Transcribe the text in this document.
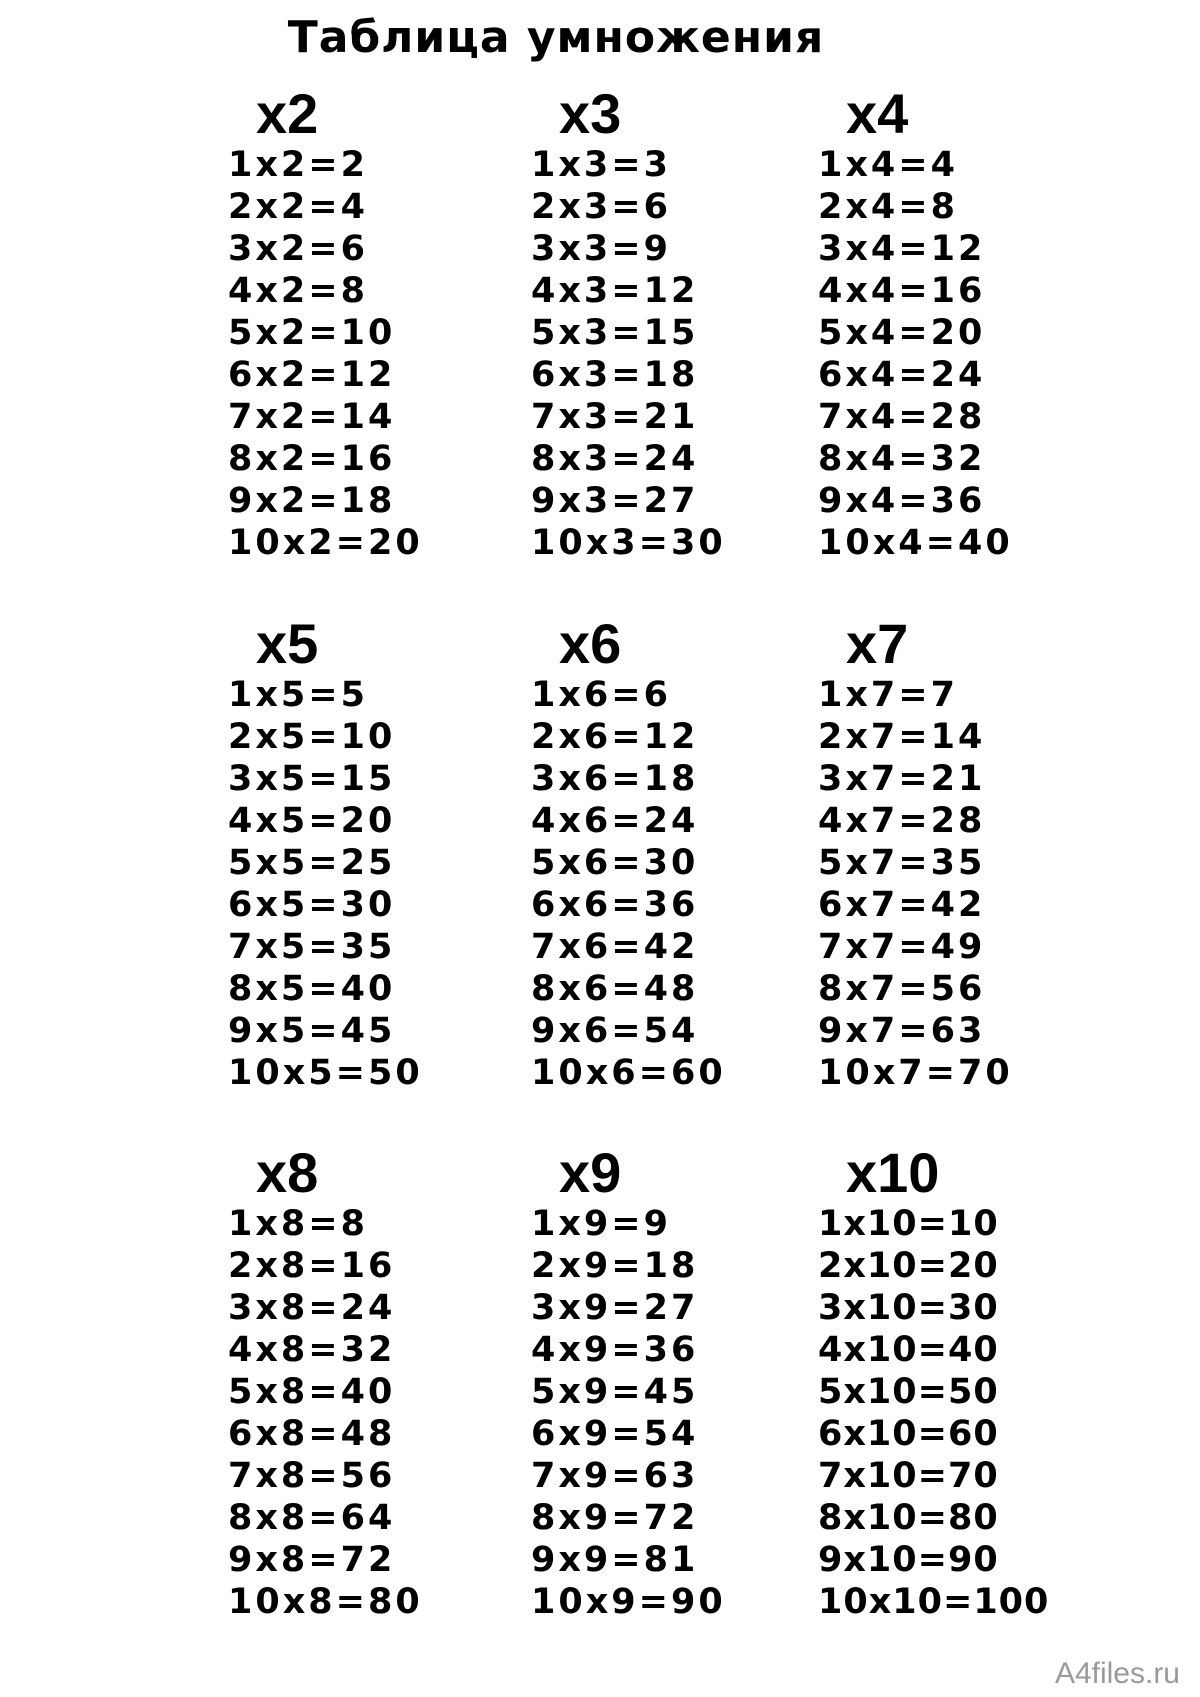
Таблица умножения
x2
1x2=2
2x2=4
3x2=6
4x2=8
5x2=10
6x2=12
7x2=14
8x2=16
9x2=18
10x2=20
x3
1x3=3
2x3=6
3x3=9
4x3=12
5x3=15
6x3=18
7x3=21
8x3=24
9x3=27
10x3=30
x4
1x4=4
2x4=8
3x4=12
4x4=16
5x4=20
6x4=24
7x4=28
8x4=32
9x4=36
10x4=40
x5
1x5=5
2x5=10
3x5=15
4x5=20
5x5=25
6x5=30
7x5=35
8x5=40
9x5=45
10x5=50
x6
1x6=6
2x6=12
3x6=18
4x6=24
5x6=30
6x6=36
7x6=42
8x6=48
9x6=54
10x6=60
x7
1x7=7
2x7=14
3x7=21
4x7=28
5x7=35
6x7=42
7x7=49
8x7=56
9x7=63
10x7=70
x8
1x8=8
2x8=16
3x8=24
4x8=32
5x8=40
6x8=48
7x8=56
8x8=64
9x8=72
10x8=80
x9
1x9=9
2x9=18
3x9=27
4x9=36
5x9=45
6x9=54
7x9=63
8x9=72
9x9=81
10x9=90
x10
1x10=10
2x10=20
3x10=30
4x10=40
5x10=50
6x10=60
7x10=70
8x10=80
9x10=90
10x10=100
A4files.ru
